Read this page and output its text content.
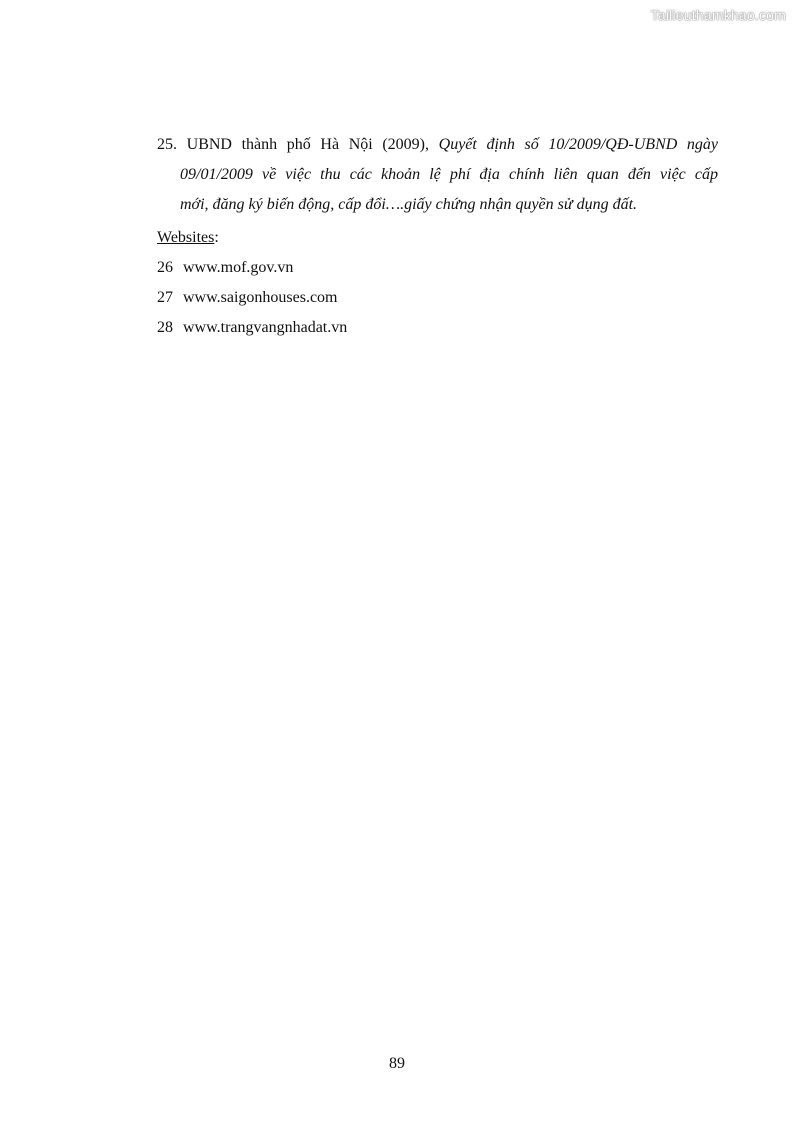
Tailieuthamkhao.com
25. UBND thành phố Hà Nội (2009), Quyết định số 10/2009/QĐ-UBND ngày
09/01/2009 về việc thu các khoản lệ phí địa chính liên quan đến việc cấp
mới, đăng ký biến động, cấp đổi….giấy chứng nhận quyền sử dụng đất.
Websites:
26 www.mof.gov.vn
27 www.saigonhouses.com
28 www.trangvangnhadat.vn
89
